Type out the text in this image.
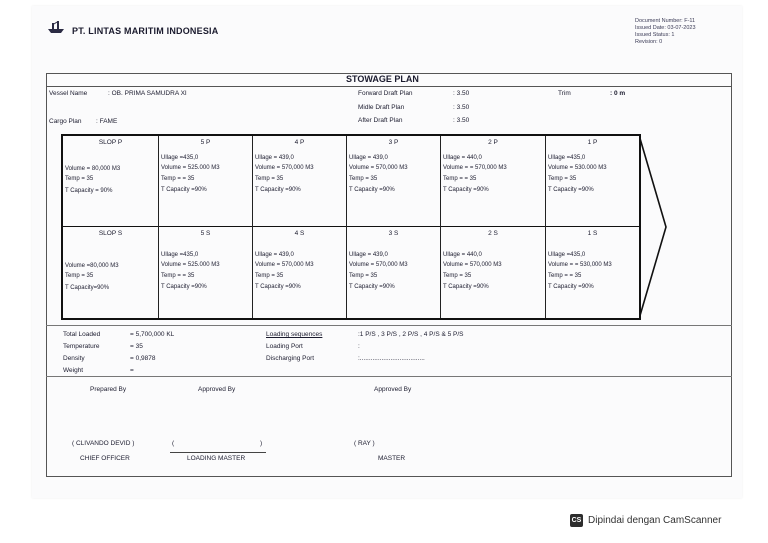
PT. LINTAS MARITIM INDONESIA
Document Number: F-11
Issued Date: 03-07-2023
Issued Status: 1
Revision: 0
STOWAGE PLAN
Vessel Name	: OB. PRIMA SAMUDRA XI
Cargo Plan : FAME
Forward Draft Plan	: 3.50
Midle Draft Plan	: 3.50
After Draft Plan	: 3.50
Trim	: 0 m
SLOP P
Volume = 80,000 M3
Temp = 35
T Capacity = 90%
5 P
Ullage =435,0
Volume = 525.000 M3
Temp = = 35
T Capacity =90%
4 P
Ullage = 439,0
Volume = 570,000 M3
Temp = 35
T Capacity =90%
3 P
Ullage = 439,0
Volume = 570,000 M3
Temp = 35
T Capacity =90%
2 P
Ullage = 440,0
Volume = = 570,000 M3
Temp = = 35
T Capacity =90%
1 P
Ullage =435,0
Volume = 530.000 M3
Temp = 35
T Capacity =90%
SLOP S
Volume =80,000 M3
Temp = 35
T Capacity=90%
5 S
Ullage =435,0
Volume = 525.000 M3
Temp = = 35
T Capacity =90%
4 S
Ullage = 439,0
Volume = 570,000 M3
Temp = 35
T Capacity =90%
3 S
Ullage = 439,0
Volume = 570,000 M3
Temp = 35
T Capacity =90%
2 S
Ullage = 440,0
Volume = 570,000 M3
Temp = 35
T Capacity =90%
1 S
Ullage =435,0
Volume = = 530,000 M3
Temp = = 35
T Capacity =90%
Total Loaded	= 5,700,000 KL
Temperature	= 35
Density	= 0,9878
Weight	=
Loading sequences	:1 P/S , 3 P/S , 2 P/S , 4 P/S & 5 P/S
Loading Port	:
Discharging Port	:....................................
Prepared By	Approved By	Approved By
( CLIVANDO DEVID )	(	)	( RAY )
CHIEF OFFICER	LOADING MASTER	MASTER
CS Dipindai dengan CamScanner
